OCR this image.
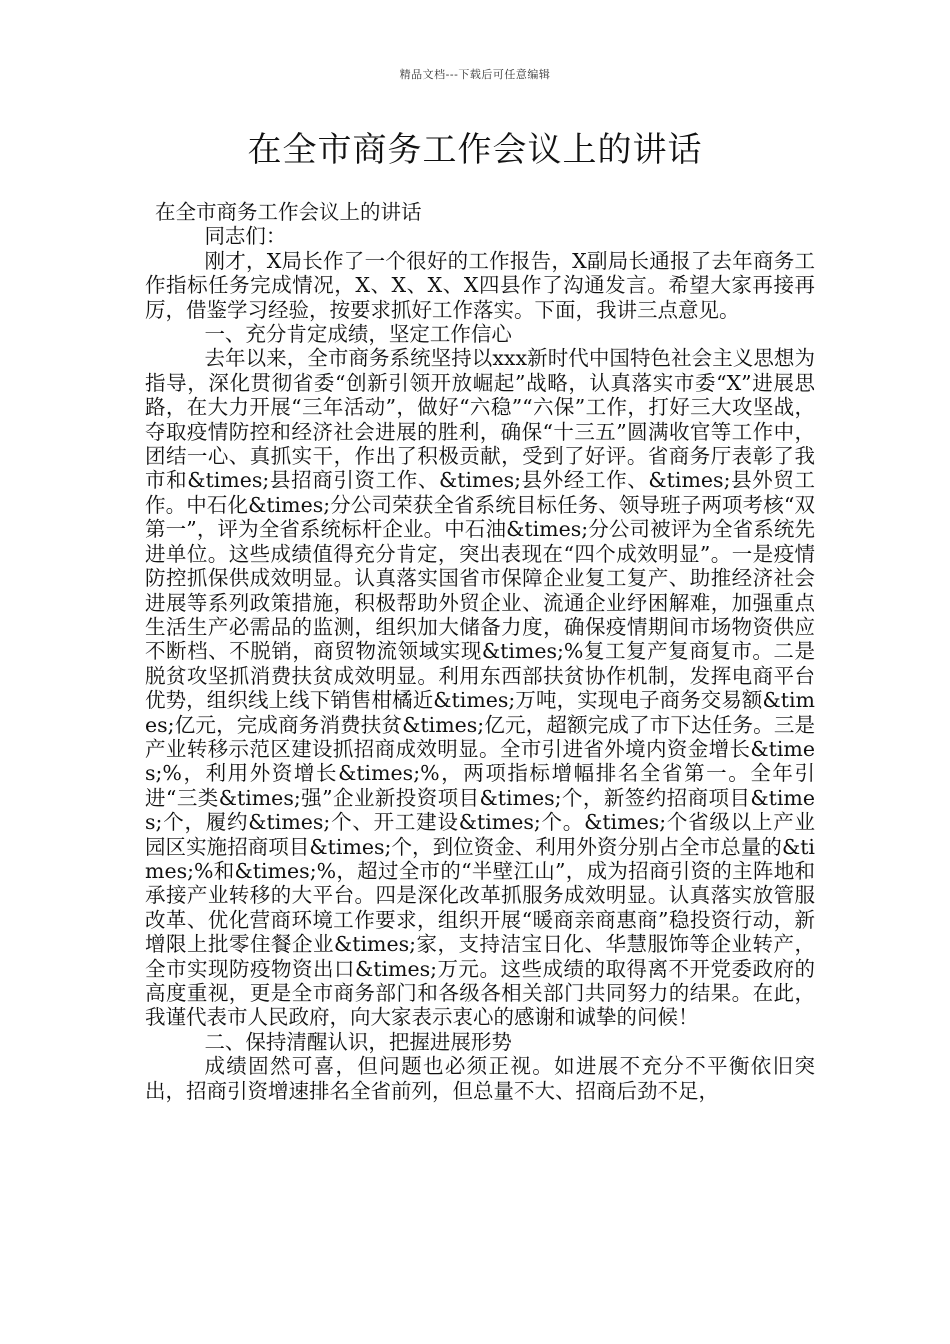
精品文档---下载后可任意编辑
在全市商务工作会议上的讲话

在全市商务工作会议上的讲话

同志们：

刚才，X局长作了一个很好的工作报告，X副局长通报了去年商务工作指标任务完成情况，X、X、X、X四县作了沟通发言。希望大家再接再厉，借鉴学习经验，按要求抓好工作落实。下面，我讲三点意见。

一、充分肯定成绩，坚定工作信心

去年以来，全市商务系统坚持以xxx新时代中国特色社会主义思想为指导，深化贯彻省委“创新引领开放崛起”战略，认真落实市委“X”进展思路，在大力开展“三年活动”，做好“六稳”“六保”工作，打好三大攻坚战，夺取疫情防控和经济社会进展的胜利，确保“十三五”圆满收官等工作中，团结一心、真抓实干，作出了积极贡献，受到了好评。省商务厅表彰了我市和&times;县招商引资工作、&times;县外经工作、&times;县外贸工作。中石化&times;分公司荣获全省系统目标任务、领导班子两项考核“双第一”，评为全省系统标杆企业。中石油&times;分公司被评为全省系统先进单位。这些成绩值得充分肯定，突出表现在“四个成效明显”。一是疫情防控抓保供成效明显。认真落实国省市保障企业复工复产、助推经济社会进展等系列政策措施，积极帮助外贸企业、流通企业纾困解难，加强重点生活生产必需品的监测，组织加大储备力度，确保疫情期间市场物资供应不断档、不脱销，商贸物流领域实现&times;%复工复产复商复市。二是脱贫攻坚抓消费扶贫成效明显。利用东西部扶贫协作机制，发挥电商平台优势，组织线上线下销售柑橘近&times;万吨，实现电子商务交易额&times;亿元，完成商务消费扶贫&times;亿元，超额完成了市下达任务。三是产业转移示范区建设抓招商成效明显。全市引进省外境内资金增长&times;%，利用外资增长&times;%，两项指标增幅排名全省第一。全年引进“三类&times;强”企业新投资项目&times;个，新签约招商项目&times;个，履约&times;个、开工建设&times;个。&times;个省级以上产业园区实施招商项目&times;个，到位资金、利用外资分别占全市总量的&times;%和&times;%，超过全市的“半壁江山”，成为招商引资的主阵地和承接产业转移的大平台。四是深化改革抓服务成效明显。认真落实放管服改革、优化营商环境工作要求，组织开展“暖商亲商惠商”稳投资行动，新增限上批零住餐企业&times;家，支持洁宝日化、华慧服饰等企业转产，全市实现防疫物资出口&times;万元。这些成绩的取得离不开党委政府的高度重视，更是全市商务部门和各级各相关部门共同努力的结果。在此，我谨代表市人民政府，向大家表示衷心的感谢和诚挚的问候！

二、保持清醒认识，把握进展形势

成绩固然可喜，但问题也必须正视。如进展不充分不平衡依旧突出，招商引资增速排名全省前列，但总量不大、招商后劲不足，
